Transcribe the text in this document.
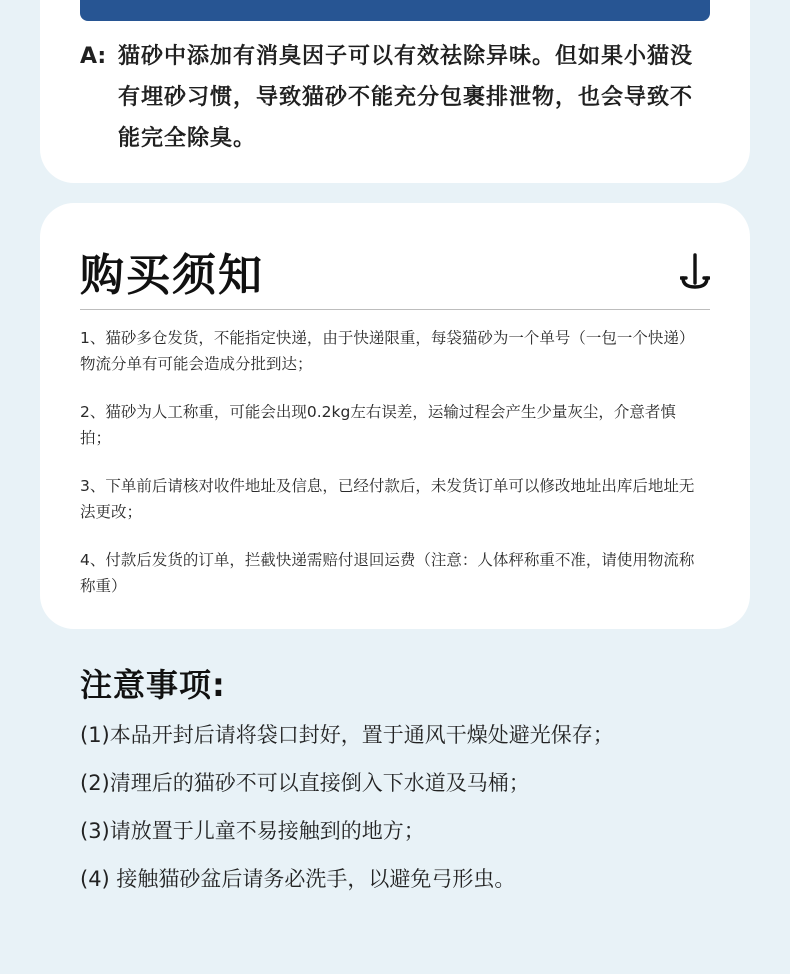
A: 猫砂中添加有消臭因子可以有效祛除异味。但如果小猫没有埋砂习惯，导致猫砂不能充分包裹排泄物，也会导致不能完全除臭。
购买须知
1、猫砂多仓发货，不能指定快递，由于快递限重，每袋猫砂为一个单号（一包一个快递）物流分单有可能会造成分批到达；
2、猫砂为人工称重，可能会出现0.2kg左右误差，运输过程会产生少量灰尘，介意者慎拍；
3、下单前后请核对收件地址及信息，已经付款后，未发货订单可以修改地址出库后地址无法更改；
4、付款后发货的订单，拦截快递需赔付退回运费（注意：人体秤称重不准，请使用物流称称重）
注意事项:
(1)本品开封后请将袋口封好，置于通风干燥处避光保存；
(2)清理后的猫砂不可以直接倒入下水道及马桶；
(3)请放置于儿童不易接触到的地方；
(4) 接触猫砂盆后请务必洗手，以避免弓形虫。
